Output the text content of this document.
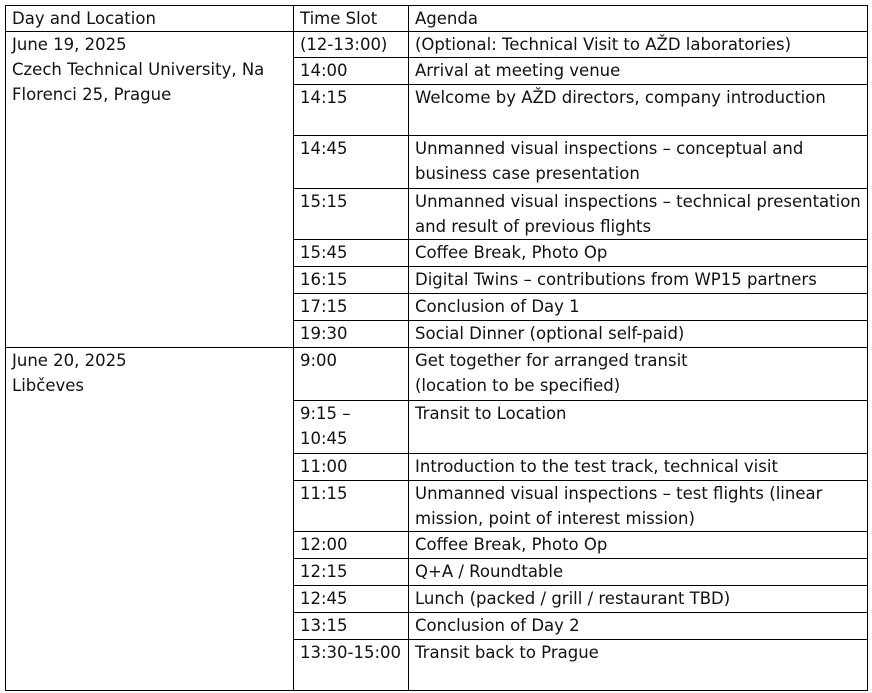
Day and Location	Time Slot	Agenda

June 19, 2025
Czech Technical University, Na Florenci 25, Prague	(12-13:00)	(Optional: Technical Visit to AŽD laboratories)
	14:00	Arrival at meeting venue
	14:15	Welcome by AŽD directors, company introduction
	14:45	Unmanned visual inspections – conceptual and business case presentation
	15:15	Unmanned visual inspections – technical presentation and result of previous flights
	15:45	Coffee Break, Photo Op
	16:15	Digital Twins – contributions from WP15 partners
	17:15	Conclusion of Day 1
	19:30	Social Dinner (optional self-paid)

June 20, 2025
Libčeves	9:00	Get together for arranged transit
(location to be specified)

	9:15 – 10:45	Transit to Location
	11:00	Introduction to the test track, technical visit
	11:15	Unmanned visual inspections – test flights (linear mission, point of interest mission)
	12:00	Coffee Break, Photo Op
	12:15	Q+A / Roundtable
	12:45	Lunch (packed / grill / restaurant TBD)
	13:15	Conclusion of Day 2
	13:30-15:00	Transit back to Prague
